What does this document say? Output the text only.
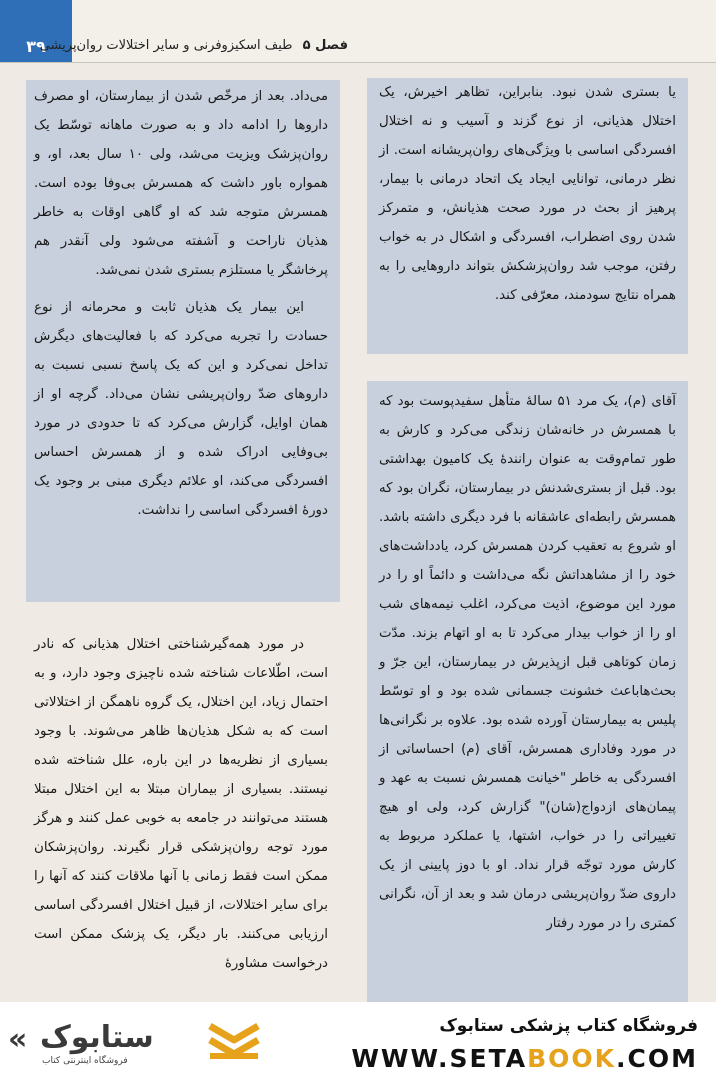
۳۹	فصل ۵ طیف اسکیزوفرنی و سایر اختلالات روان‌پریشی

یا بستری شدن نبود. بنابراین، تظاهر اخیرش، یک اختلال هذیانی، از نوع گزند و آسیب و نه اختلال افسردگی اساسی با ویژگی‌های روان‌پریشانه است. از نظر درمانی، توانایی ایجاد یک اتحاد درمانی با بیمار، پرهیز از بحث در مورد صحت هذیانش، و متمرکز شدن روی اضطراب، افسردگی و اشکال در به خواب رفتن، موجب شد روان‌پزشکش بتواند داروهایی را به همراه نتایج سودمند، معرّفی کند.

آقای (م)، یک مرد ۵۱ سالهٔ متأهل سفیدپوست بود که با همسرش در خانه‌شان زندگی می‌کرد و کارش به طور تمام‌وقت به عنوان رانندهٔ یک کامیون بهداشتی بود. قبل از بستری‌شدنش در بیمارستان، نگران بود که همسرش رابطه‌ای عاشقانه با فرد دیگری داشته باشد. او شروع به تعقیب کردن همسرش کرد، یادداشت‌های خود را از مشاهداتش نگه می‌داشت و دائماً او را در مورد این موضوع، اذیت می‌کرد، اغلب نیمه‌های شب او را از خواب بیدار می‌کرد تا به او اتهام بزند. مدّت زمان کوتاهی قبل ازپذیرش در بیمارستان، این جرّ و بحث‌هاباعث خشونت جسمانی شده بود و او توسّط پلیس به بیمارستان آورده شده بود. علاوه بر نگرانی‌ها در مورد وفاداری همسرش، آقای (م) احساساتی از افسردگی به خاطر "خیانت همسرش نسبت به عهد و پیمان‌های ازدواج(شان)" گزارش کرد، ولی او هیچ تغییراتی را در خواب، اشتها، یا عملکرد مربوط به کارش مورد توجّه قرار نداد. او با دوز پایینی از یک داروی ضدّ روان‌پریشی درمان شد و بعد از آن، نگرانی کمتری را در مورد رفتار

می‌داد. بعد از مرخّص شدن از بیمارستان، او مصرف داروها را ادامه داد و به صورت ماهانه توسّط یک روان‌پزشک ویزیت می‌شد، ولی ۱۰ سال بعد، او، و همواره باور داشت که همسرش بی‌وفا بوده است. همسرش متوجه شد که او گاهی اوقات به خاطر هذیان ناراحت و آشفته می‌شود ولی آنقدر هم پرخاشگر یا مستلزم بستری شدن نمی‌شد.

این بیمار یک هذیان ثابت و محرمانه از نوع حسادت را تجربه می‌کرد که با فعالیت‌های دیگرش تداخل نمی‌کرد و این که یک پاسخ نسبی نسبت به داروهای ضدّ روان‌پریشی نشان می‌داد. گرچه او از همان اوایل، گزارش می‌کرد که تا حدودی در مورد بی‌وفایی ادراک شده و از همسرش احساس افسردگی می‌کند، او علائم دیگری مبنی بر وجود یک دورهٔ افسردگی اساسی را نداشت.

در مورد همه‌گیرشناختی اختلال هذیانی که نادر است، اطّلاعات شناخته شده ناچیزی وجود دارد، و به احتمال زیاد، این اختلال، یک گروه ناهمگن از اختلالاتی است که به شکل هذیان‌ها ظاهر می‌شوند. با وجود بسیاری از نظریه‌ها در این باره، علل شناخته شده نیستند. بسیاری از بیماران مبتلا به این اختلال مبتلا هستند می‌توانند در جامعه به خوبی عمل کنند و هرگز مورد توجه روان‌پزشکی قرار نگیرند. روان‌پزشکان ممکن است فقط زمانی با آنها ملاقات کنند که آنها را برای سایر اختلالات، از قبیل اختلال افسردگی اساسی ارزیابی می‌کنند. بار دیگر، یک پزشک ممکن است درخواست مشاورهٔ

« ستابوک
فروشگاه اینترنتی کتاب
فروشگاه کتاب پزشکی ستابوک
WWW.SETABOOK.COM
